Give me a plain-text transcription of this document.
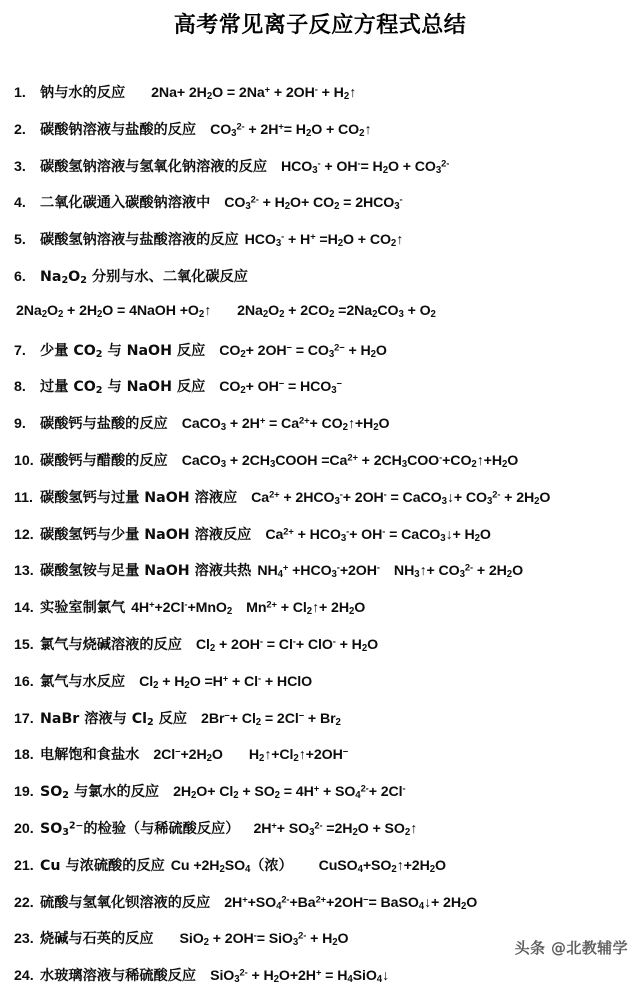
高考常见离子反应方程式总结
1. 钠与水的反应 $2Na+ 2H_2O = 2Na^+ + 2OH^-$ + $H_2↑$
2. 碳酸钠溶液与盐酸的反应 $CO_3^{2-} + 2H^+= H_2O$ + $CO_2↑$
3. 碳酸氢钠溶液与氢氧化钠溶液的反应 $HCO_3^- + OH^-= H_2O + CO_3^{2-}$
4. 二氧化碳通入碳酸钠溶液中 $CO_3^{2-} + H_2O+ CO_2 = 2HCO_3^-$
5. 碳酸氢钠溶液与盐酸溶液的反应 $HCO_3^- + H^+ =H_2O$ + $CO_2↑$
6. $Na_2O_2$ 分别与水、二氧化碳反应
$2Na_2O_2 + 2H_2O$ = 4NaOH $+O_2↑$ $2Na_2O_2 + 2CO_2 =2Na_2CO_3 + O_2$
7. 少量 $CO_2$ 与 NaOH 反应 $CO_2+ 2OH^- = CO_3^{2-} + H_2O$
8. 过量 $CO_2$ 与 NaOH 反应 $CO_2+ OH^- = HCO_3^-$
9. 碳酸钙与盐酸的反应 CaCO$_3$ + $2H^+ = Ca^{2+}+$ $CO_2↑+H_2O$
10. 碳酸钙与醋酸的反应 CaCO$_3$ + $2CH_3COOH =Ca^{2+}$ + $2CH_3COO^-+CO_2↑+H_2O$
11. 碳酸氢钙与过量 NaOH 溶液应 $Ca^{2+} + 2HCO_3^-+ 2OH^-$ = CaCO$_3$↓+ $CO_3^{2-} + 2H_2O$
12. 碳酸氢钙与少量 NaOH 溶液反应 $Ca^{2+} + HCO_3^-+ OH^-$ = CaCO$_3$↓+ $H_2O$
13. 碳酸氢铵与足量 NaOH 溶液共热 $NH_4^+ +HCO_3^-+2OH^-$ $NH_3↑+ CO_3^{2-} + 2H_2O$
14. 实验室制氯气 4H++2Cl-+MnO$_2$ $Mn^{2+}$ + $Cl_2↑+ 2H_2O$
15. 氯气与烧碱溶液的反应 $Cl_2 + 2OH^- = Cl^-+ ClO^- + H_2O$
16. 氯气与水反应 $Cl_2 + H_2O =H^+ + Cl^-$ + HClO
17. NaBr 溶液与 $Cl_2$ 反应 $2Br^-+ Cl_2 = 2Cl^- + Br_2$
18. 电解饱和食盐水 $2Cl^-+2H_2O$ $H_2↑+Cl_2↑+2OH^-$
19. $SO_2$ 与氯水的反应 $2H_2O+ Cl_2 + SO_2 = 4H^+ + SO_4^{2-}+ 2Cl^-$
20. $SO_3^{2-}$的检验（与稀硫酸反应） $2H^++ SO_3^{2-} =2H_2O$ + $SO_2↑$
21. Cu 与浓硫酸的反应 $Cu +2H_2SO_4$（浓） $CuSO_4+SO_2↑+2H_2O$
22. 硫酸与氢氧化钡溶液的反应 $2H^++SO_4^{2-}+Ba^{2+}+2OH^-=$ BaSO$_4$↓+ $2H_2O$
23. 烧碱与石英的反应 $SiO_2 + 2OH^-= SiO_3^{2-} + H_2O$
24. 水玻璃溶液与稀硫酸反应 $SiO_3^{2-} + H_2O+2H^+$ = $H_4SiO_4↓$
头条 @北教辅学
